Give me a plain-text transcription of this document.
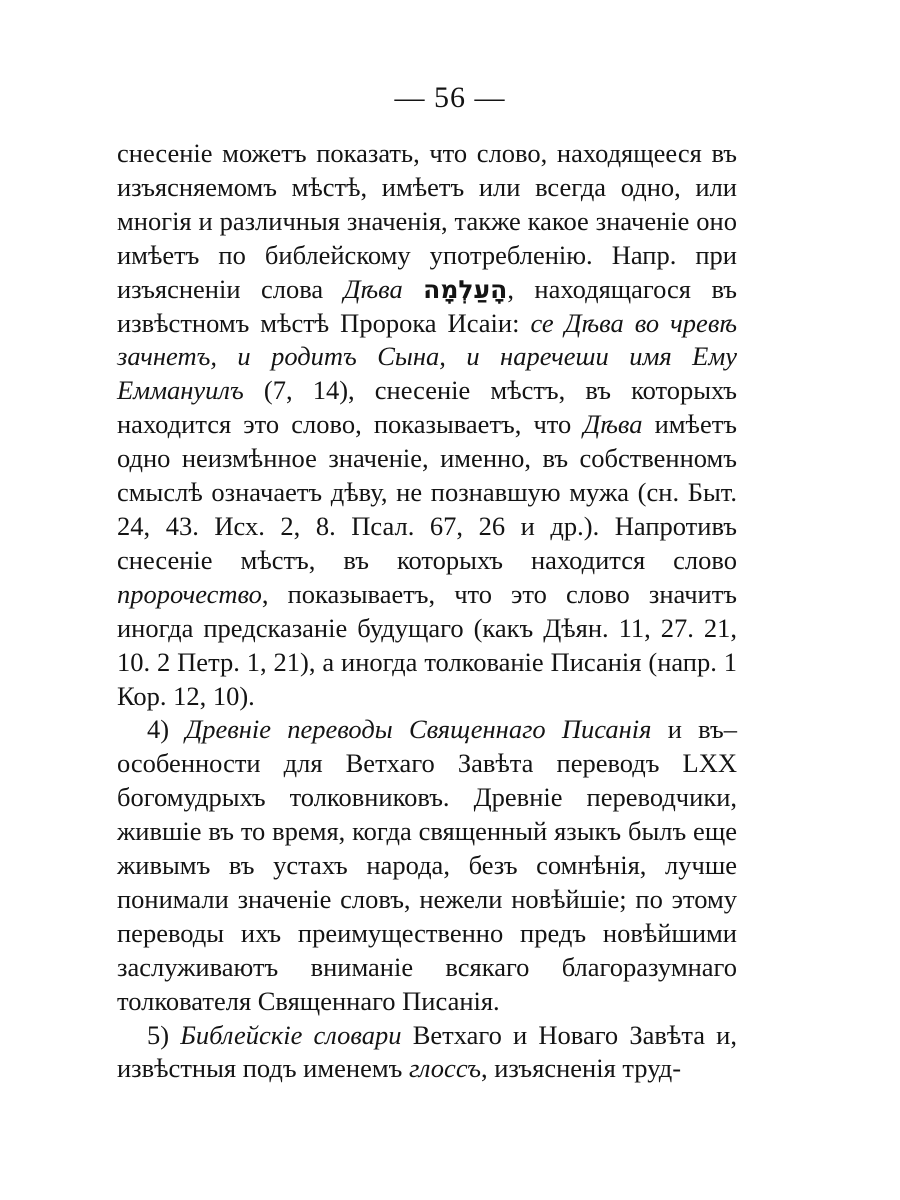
— 56 —

снесеніе можетъ показать, что слово, находящееся въ изъясняемомъ мѣстѣ, имѣетъ или всегда одно, или многія и различныя значенія, также какое значеніе оно имѣетъ по библейскому употребленію. Напр. при изъясненіи слова Дѣва הָעַלְמָה, находящагося въ извѣстномъ мѣстѣ Пророка Исаіи: се Дѣва во чревѣ зачнетъ, и родитъ Сына, и наречеши имя Ему Еммануилъ (7, 14), снесеніе мѣстъ, въ которыхъ находится это слово, показываетъ, что Дѣва имѣетъ одно неизмѣнное значеніе, именно, въ собственномъ смыслѣ означаетъ дѣву, не познавшую мужа (сн. Быт. 24, 43. Исх. 2, 8. Псал. 67, 26 и др.). Напротивъ снесеніе мѣстъ, въ которыхъ находится слово пророчество, показываетъ, что это слово значитъ иногда предсказаніе будущаго (какъ Дѣян. 11, 27. 21, 10. 2 Петр. 1, 21), а иногда толкованіе Писанія (напр. 1 Кор. 12, 10).

4) Древніе переводы Священнаго Писанія и въ–особенности для Ветхаго Завѣта переводъ LXX богомудрыхъ толковниковъ. Древніе переводчики, жившіе въ то время, когда священный языкъ былъ еще живымъ въ устахъ народа, безъ сомнѣнія, лучше понимали значеніе словъ, нежели новѣйшіе; по этому переводы ихъ преимущественно предъ новѣйшими заслуживаютъ вниманіе всякаго благоразумнаго толкователя Священнаго Писанія.

5) Библейскіе словари Ветхаго и Новаго Завѣта и, извѣстныя подъ именемъ глоссъ, изъясненія труд-
